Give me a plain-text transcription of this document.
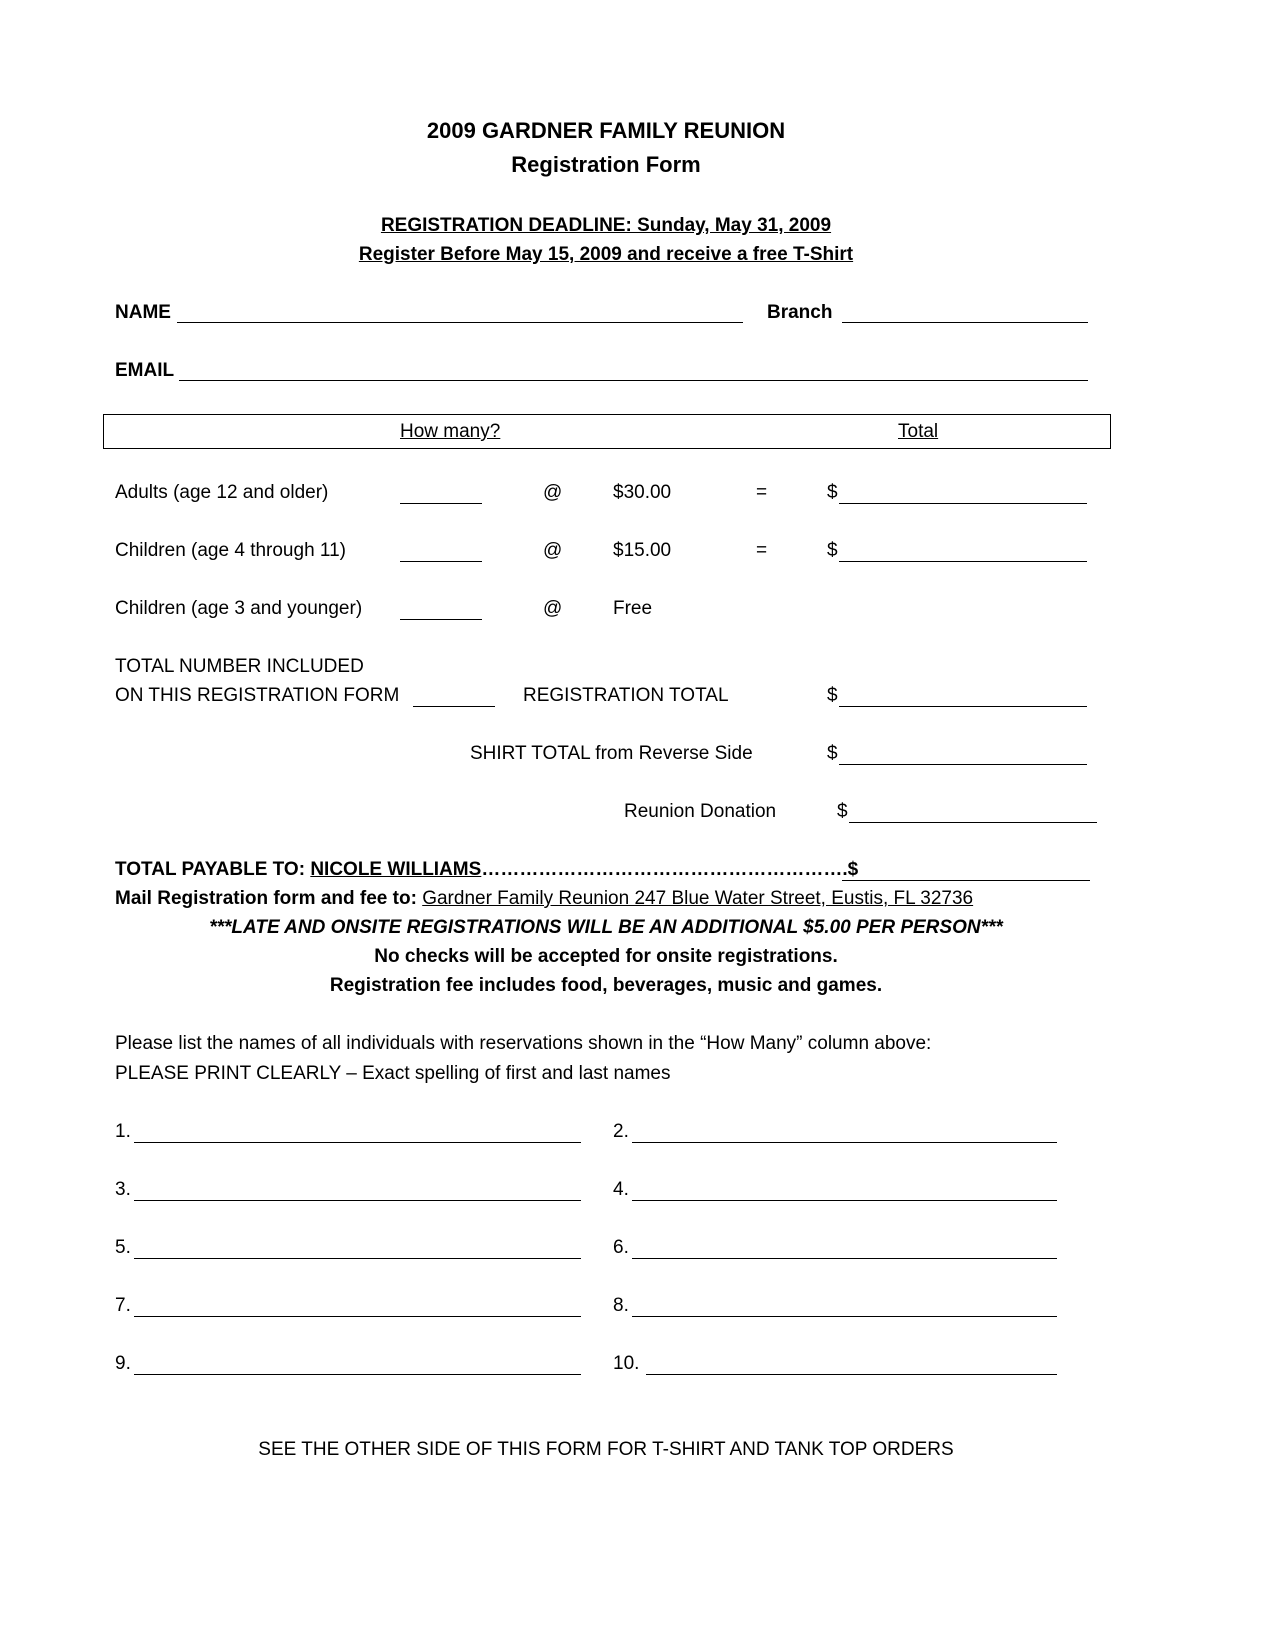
2009 GARDNER FAMILY REUNION
Registration Form
REGISTRATION DEADLINE: Sunday, May 31, 2009
Register Before May 15, 2009 and receive a free T-Shirt
NAME	Branch
EMAIL
How many?	Total
Adults (age 12 and older)	@	$30.00	=	$
Children (age 4 through 11)	@	$15.00	=	$
Children (age 3 and younger)	@	Free
TOTAL NUMBER INCLUDED
ON THIS REGISTRATION FORM	REGISTRATION TOTAL	$
SHIRT TOTAL from Reverse Side	$
Reunion Donation	$
TOTAL PAYABLE TO: NICOLE WILLIAMS………………………………………………….$
Mail Registration form and fee to: Gardner Family Reunion 247 Blue Water Street, Eustis, FL 32736
***LATE AND ONSITE REGISTRATIONS WILL BE AN ADDITIONAL $5.00 PER PERSON***
No checks will be accepted for onsite registrations.
Registration fee includes food, beverages, music and games.
Please list the names of all individuals with reservations shown in the “How Many” column above:
PLEASE PRINT CLEARLY – Exact spelling of first and last names
1.	2.
3.	4.
5.	6.
7.	8.
9.	10.
SEE THE OTHER SIDE OF THIS FORM FOR T-SHIRT AND TANK TOP ORDERS
